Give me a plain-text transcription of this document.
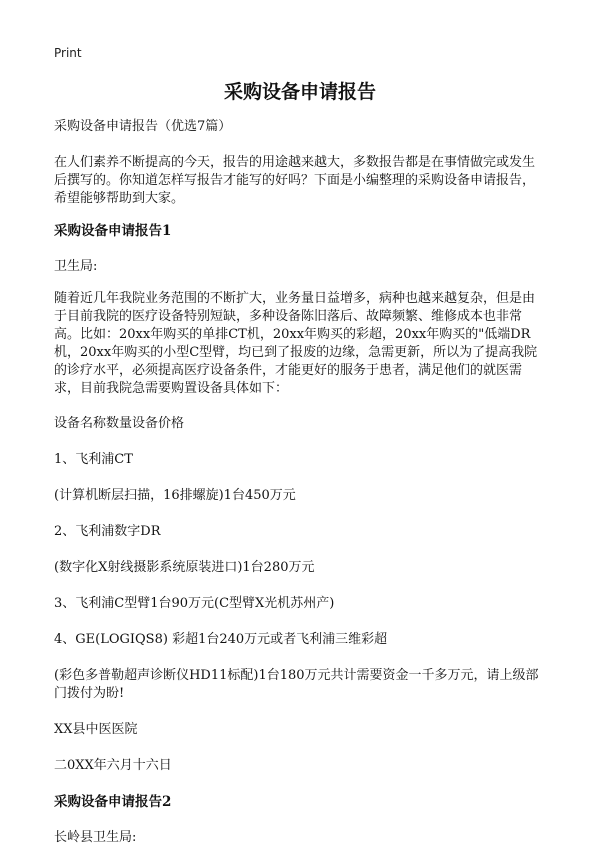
Print
采购设备申请报告

采购设备申请报告（优选7篇）

在人们素养不断提高的今天，报告的用途越来越大，多数报告都是在事情做完或发生后撰写的。你知道怎样写报告才能写的好吗？下面是小编整理的采购设备申请报告，希望能够帮助到大家。

采购设备申请报告1

卫生局:

随着近几年我院业务范围的不断扩大，业务量日益增多，病种也越来越复杂，但是由于目前我院的医疗设备特别短缺，多种设备陈旧落后、故障频繁、维修成本也非常高。比如：20xx年购买的单排CT机，20xx年购买的彩超，20xx年购买的"低端DR机，20xx年购买的小型C型臂，均已到了报废的边缘，急需更新，所以为了提高我院的诊疗水平，必须提高医疗设备条件，才能更好的服务于患者，满足他们的就医需求，目前我院急需要购置设备具体如下：

设备名称数量设备价格

1、飞利浦CT

(计算机断层扫描，16排螺旋)1台450万元

2、飞利浦数字DR

(数字化X射线摄影系统原装进口)1台280万元

3、飞利浦C型臂1台90万元(C型臂X光机苏州产)

4、GE(LOGIQS8) 彩超1台240万元或者飞利浦三维彩超

(彩色多普勒超声诊断仪HD11标配)1台180万元共计需要资金一千多万元，请上级部门拨付为盼!

XX县中医医院

二0XX年六月十六日

采购设备申请报告2

长岭县卫生局:
